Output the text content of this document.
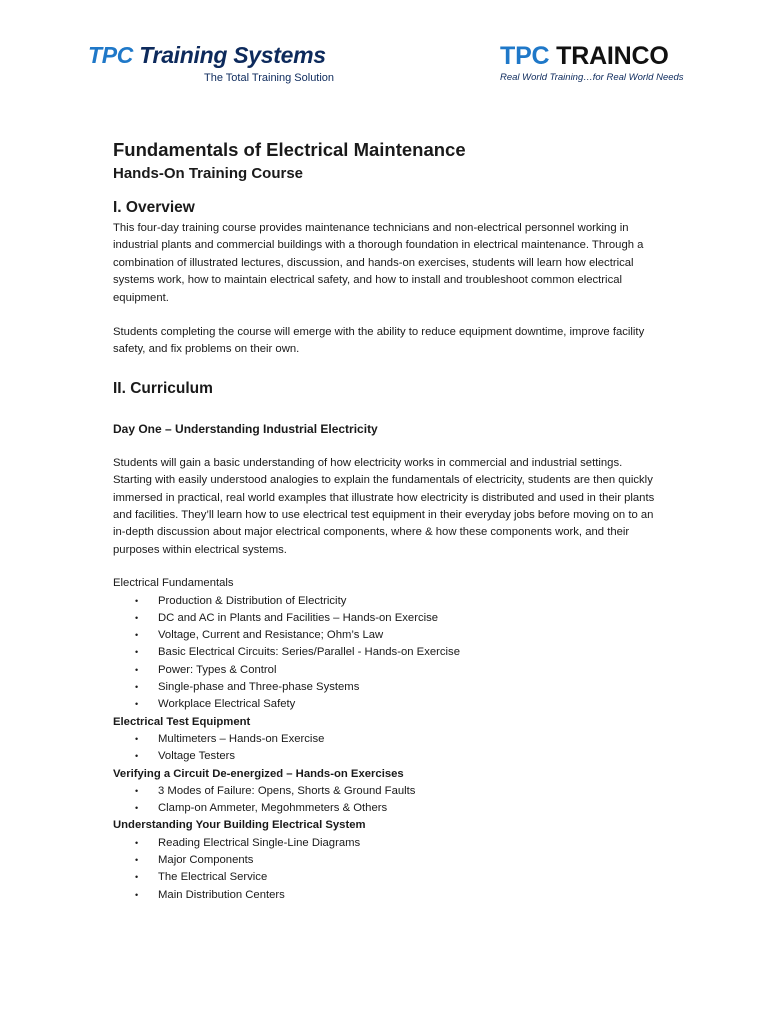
TPC Training Systems
The Total Training Solution
TPC TRAINCO
Real World Training…for Real World Needs
Fundamentals of Electrical Maintenance
Hands-On Training Course
I. Overview

This four-day training course provides maintenance technicians and non-electrical personnel working in industrial plants and commercial buildings with a thorough foundation in electrical maintenance. Through a combination of illustrated lectures, discussion, and hands-on exercises, students will learn how electrical systems work, how to maintain electrical safety, and how to install and troubleshoot common electrical equipment.

Students completing the course will emerge with the ability to reduce equipment downtime, improve facility safety, and fix problems on their own.

II. Curriculum
Day One – Understanding Industrial Electricity

Students will gain a basic understanding of how electricity works in commercial and industrial settings. Starting with easily understood analogies to explain the fundamentals of electricity, students are then quickly immersed in practical, real world examples that illustrate how electricity is distributed and used in their plants and facilities. They’ll learn how to use electrical test equipment in their everyday jobs before moving on to an in-depth discussion about major electrical components, where & how these components work, and their purposes within electrical systems.

Electrical Fundamentals
• Production & Distribution of Electricity
• DC and AC in Plants and Facilities – Hands-on Exercise
• Voltage, Current and Resistance; Ohm’s Law
• Basic Electrical Circuits: Series/Parallel - Hands-on Exercise
• Power: Types & Control
• Single-phase and Three-phase Systems
• Workplace Electrical Safety
Electrical Test Equipment
• Multimeters – Hands-on Exercise
• Voltage Testers
Verifying a Circuit De-energized – Hands-on Exercises
• 3 Modes of Failure: Opens, Shorts & Ground Faults
• Clamp-on Ammeter, Megohmmeters & Others
Understanding Your Building Electrical System
• Reading Electrical Single-Line Diagrams
• Major Components
• The Electrical Service
• Main Distribution Centers
